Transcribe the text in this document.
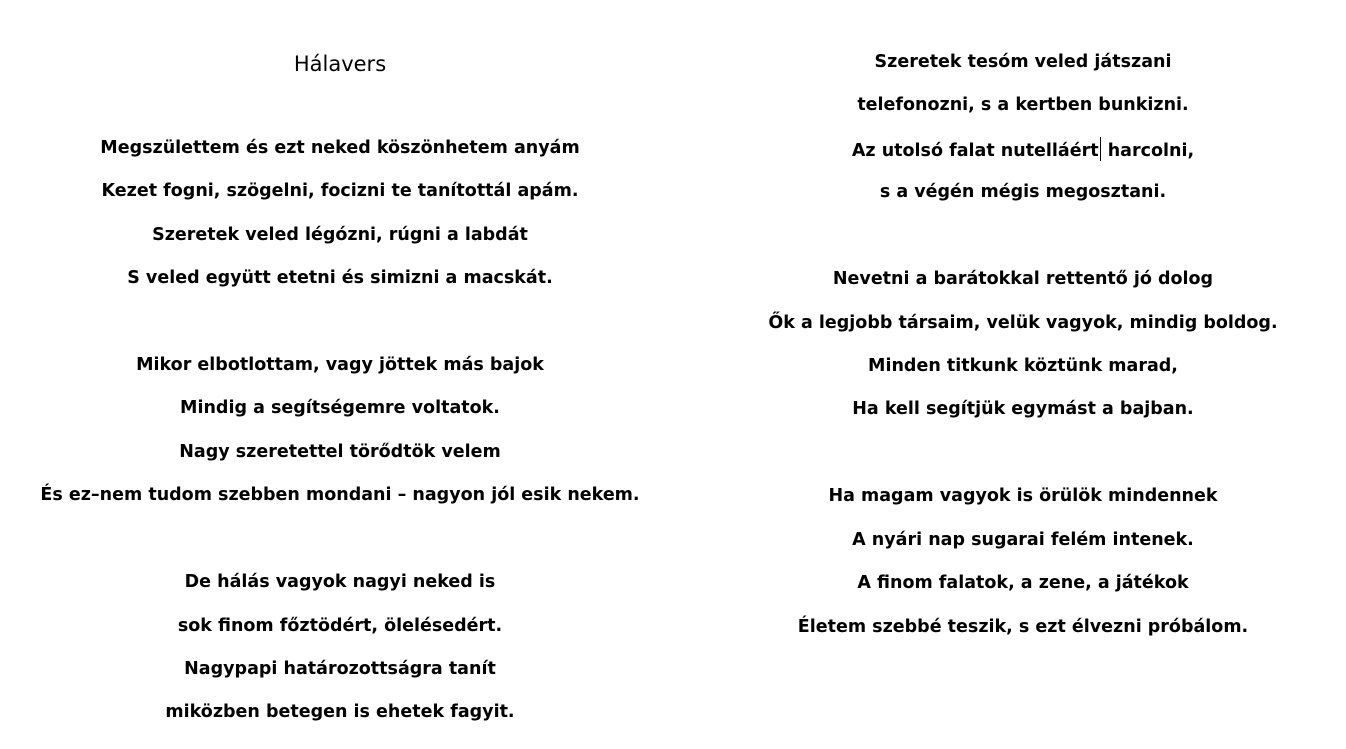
Hálavers
Megszülettem és ezt neked köszönhetem anyám
Kezet fogni, szögelni, focizni te tanítottál apám.
Szeretek veled légózni, rúgni a labdát
S veled együtt etetni és simizni a macskát.
Mikor elbotlottam, vagy jöttek más bajok
Mindig a segítségemre voltatok.
Nagy szeretettel törődtök velem
És ez–nem tudom szebben mondani – nagyon jól esik nekem.
De hálás vagyok nagyi neked is
sok finom főztödért, ölelésedért.
Nagypapi határozottságra tanít
miközben betegen is ehetek fagyit.
Szeretek tesóm veled játszani
telefonozni, s a kertben bunkizni.
Az utolsó falat nutelláért harcolni,
s a végén mégis megosztani.
Nevetni a barátokkal rettentő jó dolog
Ők a legjobb társaim, velük vagyok, mindig boldog.
Minden titkunk köztünk marad,
Ha kell segítjük egymást a bajban.
Ha magam vagyok is örülök mindennek
A nyári nap sugarai felém intenek.
A finom falatok, a zene, a játékok
Életem szebbé teszik, s ezt élvezni próbálom.
